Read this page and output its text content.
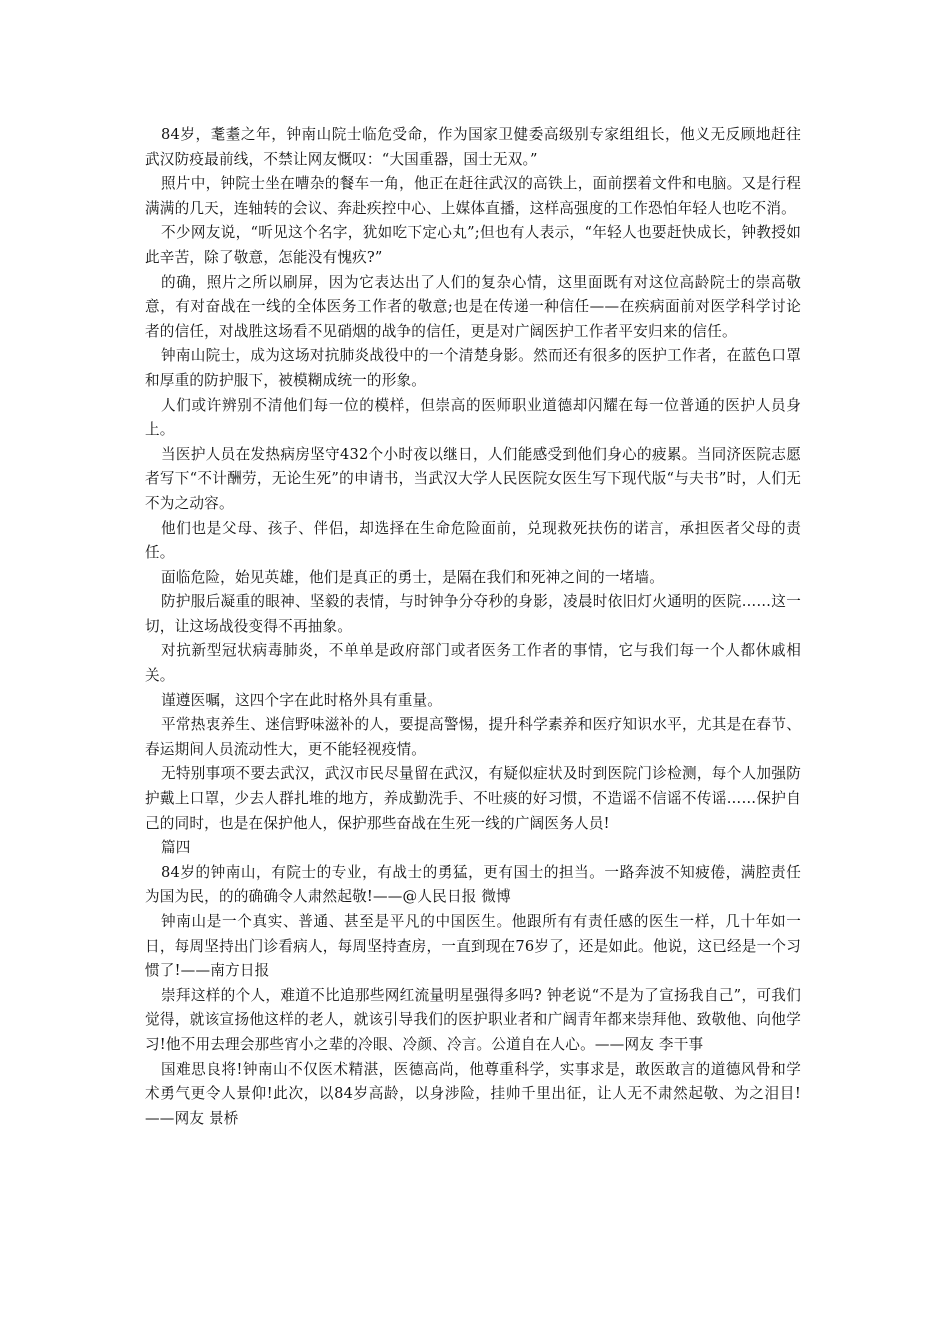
84岁，耄耋之年，钟南山院士临危受命，作为国家卫健委高级别专家组组长，他义无反顾地赶往武汉防疫最前线，不禁让网友慨叹：“大国重器，国士无双。”

照片中，钟院士坐在嘈杂的餐车一角，他正在赶往武汉的高铁上，面前摆着文件和电脑。又是行程满满的几天，连轴转的会议、奔赴疾控中心、上媒体直播，这样高强度的工作恐怕年轻人也吃不消。

不少网友说，“听见这个名字，犹如吃下定心丸”;但也有人表示，“年轻人也要赶快成长，钟教授如此辛苦，除了敬意，怎能没有愧疚?”

的确，照片之所以刷屏，因为它表达出了人们的复杂心情，这里面既有对这位高龄院士的崇高敬意，有对奋战在一线的全体医务工作者的敬意;也是在传递一种信任——在疾病面前对医学科学讨论者的信任，对战胜这场看不见硝烟的战争的信任，更是对广阔医护工作者平安归来的信任。

钟南山院士，成为这场对抗肺炎战役中的一个清楚身影。然而还有很多的医护工作者，在蓝色口罩和厚重的防护服下，被模糊成统一的形象。

人们或许辨别不清他们每一位的模样，但崇高的医师职业道德却闪耀在每一位普通的医护人员身上。

当医护人员在发热病房坚守432个小时夜以继日，人们能感受到他们身心的疲累。当同济医院志愿者写下“不计酬劳，无论生死”的申请书，当武汉大学人民医院女医生写下现代版“与夫书”时，人们无不为之动容。

他们也是父母、孩子、伴侣，却选择在生命危险面前，兑现救死扶伤的诺言，承担医者父母的责任。

面临危险，始见英雄，他们是真正的勇士，是隔在我们和死神之间的一堵墙。

防护服后凝重的眼神、坚毅的表情，与时钟争分夺秒的身影，凌晨时依旧灯火通明的医院……这一切，让这场战役变得不再抽象。

对抗新型冠状病毒肺炎，不单单是政府部门或者医务工作者的事情，它与我们每一个人都休戚相关。

谨遵医嘱，这四个字在此时格外具有重量。

平常热衷养生、迷信野味滋补的人，要提高警惕，提升科学素养和医疗知识水平，尤其是在春节、春运期间人员流动性大，更不能轻视疫情。

无特别事项不要去武汉，武汉市民尽量留在武汉，有疑似症状及时到医院门诊检测，每个人加强防护戴上口罩，少去人群扎堆的地方，养成勤洗手、不吐痰的好习惯，不造谣不信谣不传谣……保护自己的同时，也是在保护他人，保护那些奋战在生死一线的广阔医务人员!

篇四

84岁的钟南山，有院士的专业，有战士的勇猛，更有国士的担当。一路奔波不知疲倦，满腔责任为国为民，的的确确令人肃然起敬!——@人民日报 微博

钟南山是一个真实、普通、甚至是平凡的中国医生。他跟所有有责任感的医生一样，几十年如一日，每周坚持出门诊看病人，每周坚持查房，一直到现在76岁了，还是如此。他说，这已经是一个习惯了!——南方日报

崇拜这样的个人，难道不比追那些网红流量明星强得多吗? 钟老说“不是为了宣扬我自己”，可我们觉得，就该宣扬他这样的老人，就该引导我们的医护职业者和广阔青年都来崇拜他、致敬他、向他学习!他不用去理会那些宵小之辈的冷眼、冷颜、冷言。公道自在人心。——网友 李干事

国难思良将!钟南山不仅医术精湛，医德高尚，他尊重科学，实事求是，敢医敢言的道德风骨和学术勇气更令人景仰!此次，以84岁高龄，以身涉险，挂帅千里出征，让人无不肃然起敬、为之泪目!——网友 景桥
